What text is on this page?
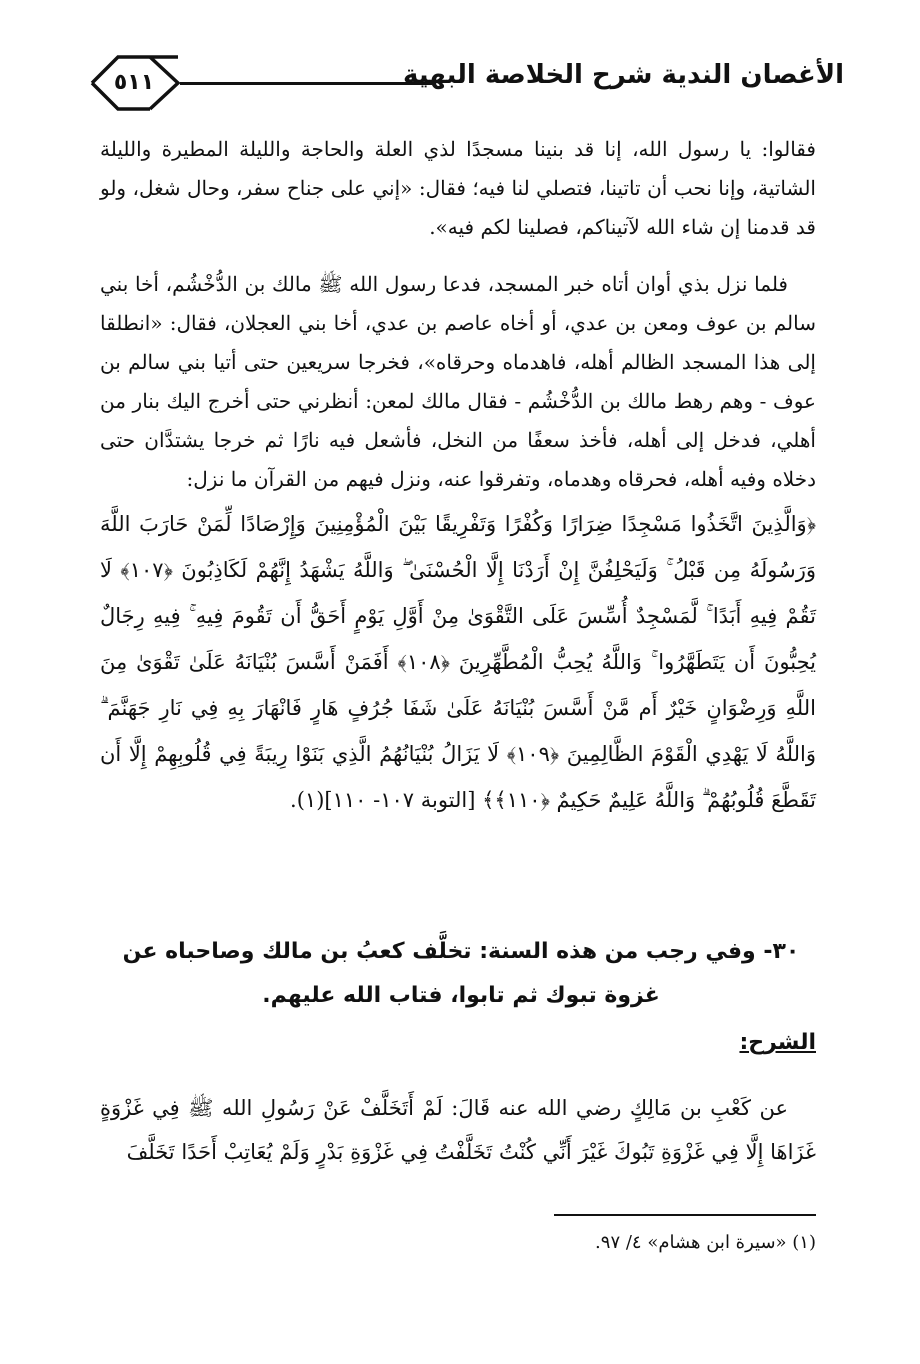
٥١١	الأغصان الندية شرح الخلاصة البهية

فقالوا: يا رسول الله، إنا قد بنينا مسجدًا لذي العلة والحاجة والليلة المطيرة والليلة الشاتية، وإنا نحب أن تاتينا، فتصلي لنا فيه؛ فقال: «إني على جناح سفر، وحال شغل، ولو قد قدمنا إن شاء الله لآتيناكم، فصلينا لكم فيه».

فلما نزل بذي أوان أتاه خبر المسجد، فدعا رسول الله ﷺ مالك بن الدُّخْشُم، أخا بني سالم بن عوف ومعن بن عدي، أو أخاه عاصم بن عدي، أخا بني العجلان، فقال: «انطلقا إلى هذا المسجد الظالم أهله، فاهدماه وحرقاه»، فخرجا سريعين حتى أتيا بني سالم بن عوف - وهم رهط مالك بن الدُّخْشُم - فقال مالك لمعن: أنظرني حتى أخرج اليك بنار من أهلي، فدخل إلى أهله، فأخذ سعفًا من النخل، فأشعل فيه نارًا ثم خرجا يشتدَّان حتى دخلاه وفيه أهله، فحرقاه وهدماه، وتفرقوا عنه، ونزل فيهم من القرآن ما نزل:

﴿وَالَّذِينَ اتَّخَذُوا مَسْجِدًا ضِرَارًا وَكُفْرًا وَتَفْرِيقًا بَيْنَ الْمُؤْمِنِينَ وَإِرْصَادًا لِّمَنْ حَارَبَ اللَّهَ وَرَسُولَهُ مِن قَبْلُ ۚ وَلَيَحْلِفُنَّ إِنْ أَرَدْنَا إِلَّا الْحُسْنَىٰ ۖ وَاللَّهُ يَشْهَدُ إِنَّهُمْ لَكَاذِبُونَ ﴿١٠٧﴾ لَا تَقُمْ فِيهِ أَبَدًا ۚ لَّمَسْجِدٌ أُسِّسَ عَلَى التَّقْوَىٰ مِنْ أَوَّلِ يَوْمٍ أَحَقُّ أَن تَقُومَ فِيهِ ۚ فِيهِ رِجَالٌ يُحِبُّونَ أَن يَتَطَهَّرُوا ۚ وَاللَّهُ يُحِبُّ الْمُطَّهِّرِينَ ﴿١٠٨﴾ أَفَمَنْ أَسَّسَ بُنْيَانَهُ عَلَىٰ تَقْوَىٰ مِنَ اللَّهِ وَرِضْوَانٍ خَيْرٌ أَم مَّنْ أَسَّسَ بُنْيَانَهُ عَلَىٰ شَفَا جُرُفٍ هَارٍ فَانْهَارَ بِهِ فِي نَارِ جَهَنَّمَ ۗ وَاللَّهُ لَا يَهْدِي الْقَوْمَ الظَّالِمِينَ ﴿١٠٩﴾ لَا يَزَالُ بُنْيَانُهُمُ الَّذِي بَنَوْا رِيبَةً فِي قُلُوبِهِمْ إِلَّا أَن تَقَطَّعَ قُلُوبُهُمْ ۗ وَاللَّهُ عَلِيمٌ حَكِيمٌ ﴿١١٠﴾﴾ [التوبة ١٠٧- ١١٠](١).

٣٠- وفي رجب من هذه السنة: تخلَّف كعبُ بن مالك وصاحباه عن غزوة تبوك ثم تابوا، فتاب الله عليهم.
الشرح:
عن كَعْبِ بن مَالِكٍ رضي الله عنه قَالَ: لَمْ أَتَخَلَّفْ عَنْ رَسُولِ الله ﷺ فِي غَزْوَةٍ غَزَاهَا إِلَّا فِي غَزْوَةِ تَبُوكَ غَيْرَ أَنِّي كُنْتُ تَخَلَّفْتُ فِي غَزْوَةِ بَدْرٍ وَلَمْ يُعَاتِبْ أَحَدًا تَخَلَّفَ
(١) «سيرة ابن هشام» ٤/ ٩٧.
